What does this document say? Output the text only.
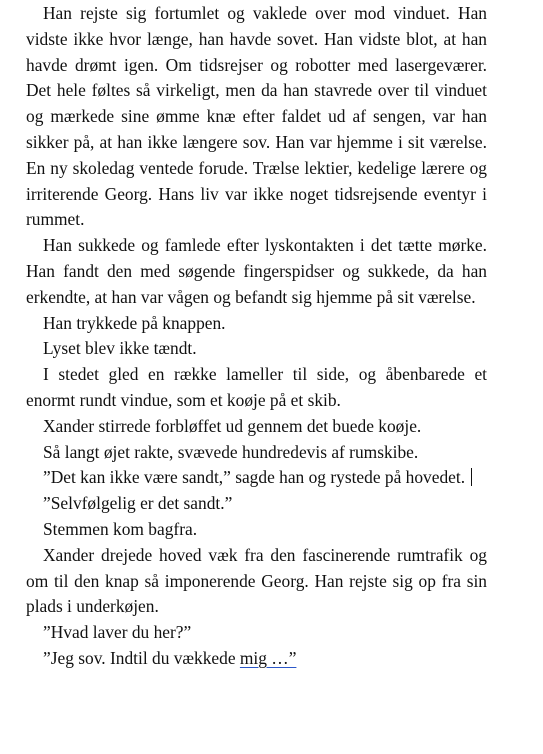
Han rejste sig fortumlet og vaklede over mod vinduet. Han vidste ikke hvor længe, han havde sovet. Han vidste blot, at han havde drømt igen. Om tidsrejser og robotter med lasergeværer. Det hele føltes så virkeligt, men da han stavrede over til vinduet og mærkede sine ømme knæ efter faldet ud af sengen, var han sikker på, at han ikke længere sov. Han var hjemme i sit værelse. En ny skoledag ventede forude. Trælse lektier, kedelige lærere og irriterende Georg. Hans liv var ikke noget tidsrejsende eventyr i rummet.

Han sukkede og famlede efter lyskontakten i det tætte mørke. Han fandt den med søgende fingerspidser og sukkede, da han erkendte, at han var vågen og befandt sig hjemme på sit værelse.

Han trykkede på knappen.

Lyset blev ikke tændt.

I stedet gled en række lameller til side, og åbenbarede et enormt rundt vindue, som et koøje på et skib.

Xander stirrede forbløffet ud gennem det buede koøje.

Så langt øjet rakte, svævede hundredevis af rumskibe.

”Det kan ikke være sandt,” sagde han og rystede på hovedet.

”Selvfølgelig er det sandt.”

Stemmen kom bagfra.

Xander drejede hoved væk fra den fascinerende rumtrafik og om til den knap så imponerende Georg. Han rejste sig op fra sin plads i underkøjen.

”Hvad laver du her?”

”Jeg sov. Indtil du vækkede mig …”
